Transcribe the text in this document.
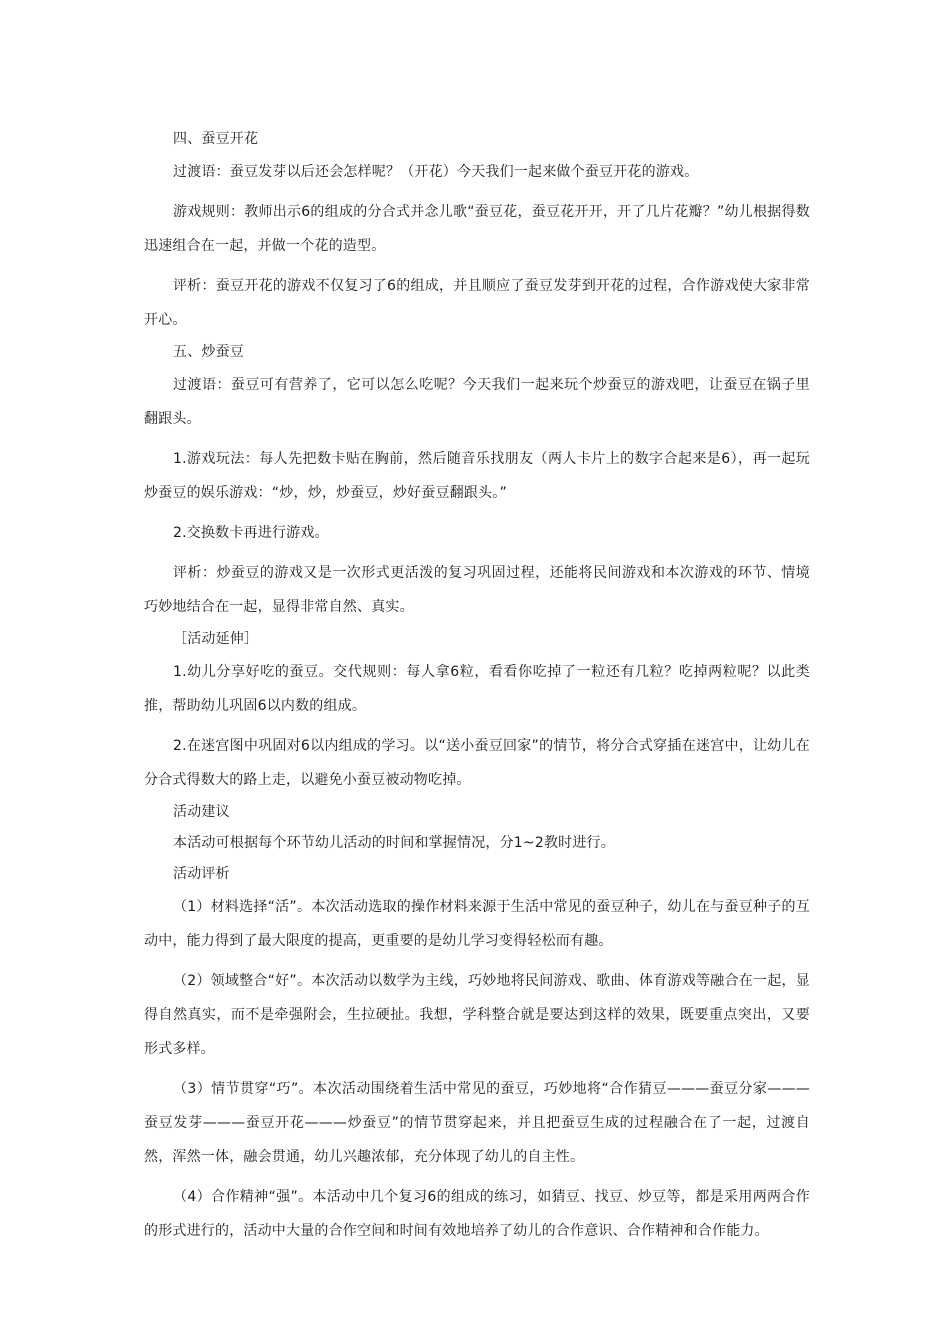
四、蚕豆开花

过渡语：蚕豆发芽以后还会怎样呢？（开花）今天我们一起来做个蚕豆开花的游戏。

游戏规则：教师出示6的组成的分合式并念儿歌“蚕豆花，蚕豆花开开，开了几片花瓣？”幼儿根据得数迅速组合在一起，并做一个花的造型。

评析：蚕豆开花的游戏不仅复习了6的组成，并且顺应了蚕豆发芽到开花的过程，合作游戏使大家非常开心。

五、炒蚕豆

过渡语：蚕豆可有营养了，它可以怎么吃呢？今天我们一起来玩个炒蚕豆的游戏吧，让蚕豆在锅子里翻跟头。

1.游戏玩法：每人先把数卡贴在胸前，然后随音乐找朋友（两人卡片上的数字合起来是6），再一起玩炒蚕豆的娱乐游戏：“炒，炒，炒蚕豆，炒好蚕豆翻跟头。”

2.交换数卡再进行游戏。

评析：炒蚕豆的游戏又是一次形式更活泼的复习巩固过程，还能将民间游戏和本次游戏的环节、情境巧妙地结合在一起，显得非常自然、真实。

［活动延伸］

1.幼儿分享好吃的蚕豆。交代规则：每人拿6粒，看看你吃掉了一粒还有几粒？吃掉两粒呢？以此类推，帮助幼儿巩固6以内数的组成。

2.在迷宫图中巩固对6以内组成的学习。以“送小蚕豆回家”的情节，将分合式穿插在迷宫中，让幼儿在分合式得数大的路上走，以避免小蚕豆被动物吃掉。

活动建议

本活动可根据每个环节幼儿活动的时间和掌握情况，分1~2教时进行。

活动评析

（1）材料选择“活”。本次活动选取的操作材料来源于生活中常见的蚕豆种子，幼儿在与蚕豆种子的互动中，能力得到了最大限度的提高，更重要的是幼儿学习变得轻松而有趣。

（2）领域整合“好”。本次活动以数学为主线，巧妙地将民间游戏、歌曲、体育游戏等融合在一起，显得自然真实，而不是牵强附会，生拉硬扯。我想，学科整合就是要达到这样的效果，既要重点突出，又要形式多样。

（3）情节贯穿“巧”。本次活动围绕着生活中常见的蚕豆，巧妙地将“合作猜豆———蚕豆分家———蚕豆发芽———蚕豆开花———炒蚕豆”的情节贯穿起来，并且把蚕豆生成的过程融合在了一起，过渡自然，浑然一体，融会贯通，幼儿兴趣浓郁，充分体现了幼儿的自主性。

（4）合作精神“强”。本活动中几个复习6的组成的练习，如猜豆、找豆、炒豆等，都是采用两两合作的形式进行的，活动中大量的合作空间和时间有效地培养了幼儿的合作意识、合作精神和合作能力。
